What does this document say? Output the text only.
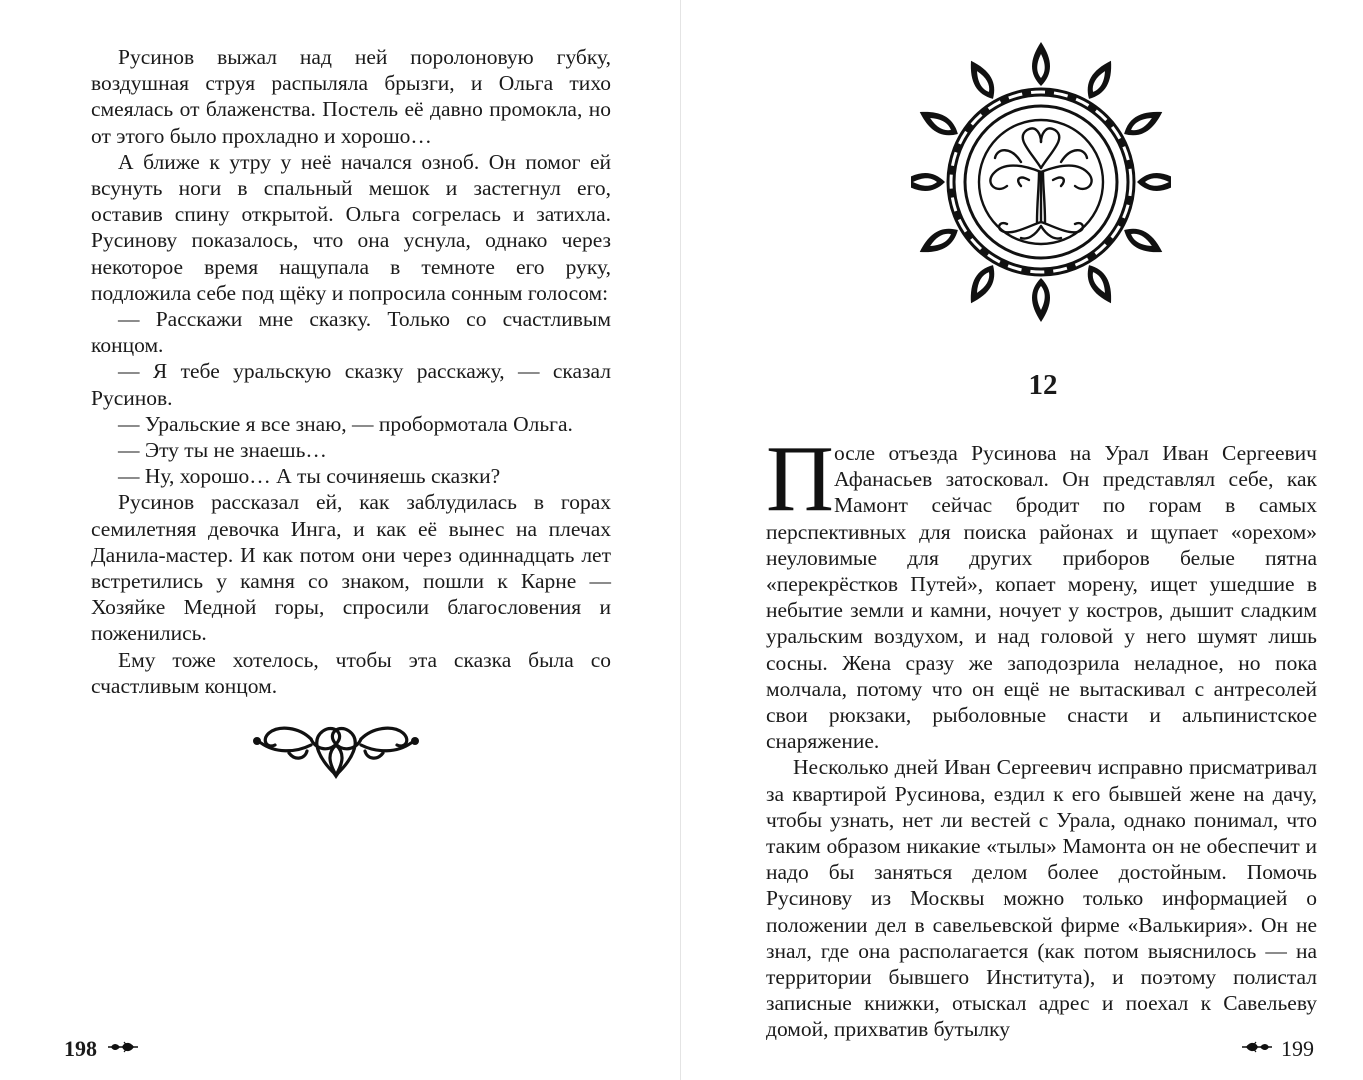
Русинов выжал над ней поролоновую губку, воздушная струя распыляла брызги, и Ольга тихо смеялась от блаженства. Постель её давно промокла, но от этого было прохладно и хорошо…

А ближе к утру у неё начался озноб. Он помог ей всунуть ноги в спальный мешок и застегнул его, оставив спину открытой. Ольга согрелась и затихла. Русинову показалось, что она уснула, однако через некоторое время нащупала в темноте его руку, подложила себе под щёку и попросила сонным голосом:

— Расскажи мне сказку. Только со счастливым концом.

— Я тебе уральскую сказку расскажу, — сказал Русинов.

— Уральские я все знаю, — пробормотала Ольга.

— Эту ты не знаешь…

— Ну, хорошо… А ты сочиняешь сказки?

Русинов рассказал ей, как заблудилась в горах семилетняя девочка Инга, и как её вынес на плечах Данила-мастер. И как потом они через одиннадцать лет встретились у камня со знаком, пошли к Карне — Хозяйке Медной горы, спросили благословения и поженились.

Ему тоже хотелось, чтобы эта сказка была со счастливым концом.

198
12
П осле отъезда Русинова на Урал Иван Сергеевич Афанасьев затосковал. Он представлял себе, как Мамонт сейчас бродит по горам в самых перспективных для поиска районах и щупает «орехом» неуловимые для других приборов белые пятна «перекрёстков Путей», копает морену, ищет ушедшие в небытие земли и камни, ночует у костров, дышит сладким уральским воздухом, и над головой у него шумят лишь сосны. Жена сразу же заподозрила неладное, но пока молчала, потому что он ещё не вытаскивал с антресолей свои рюкзаки, рыболовные снасти и альпинистское снаряжение.

Несколько дней Иван Сергеевич исправно присматривал за квартирой Русинова, ездил к его бывшей жене на дачу, чтобы узнать, нет ли вестей с Урала, однако понимал, что таким образом никакие «тылы» Мамонта он не обеспечит и надо бы заняться делом более достойным. Помочь Русинову из Москвы можно только информацией о положении дел в савельевской фирме «Валькирия». Он не знал, где она располагается (как потом выяснилось — на территории бывшего Института), и поэтому полистал записные книжки, отыскал адрес и поехал к Савельеву домой, прихватив бутылку

199
